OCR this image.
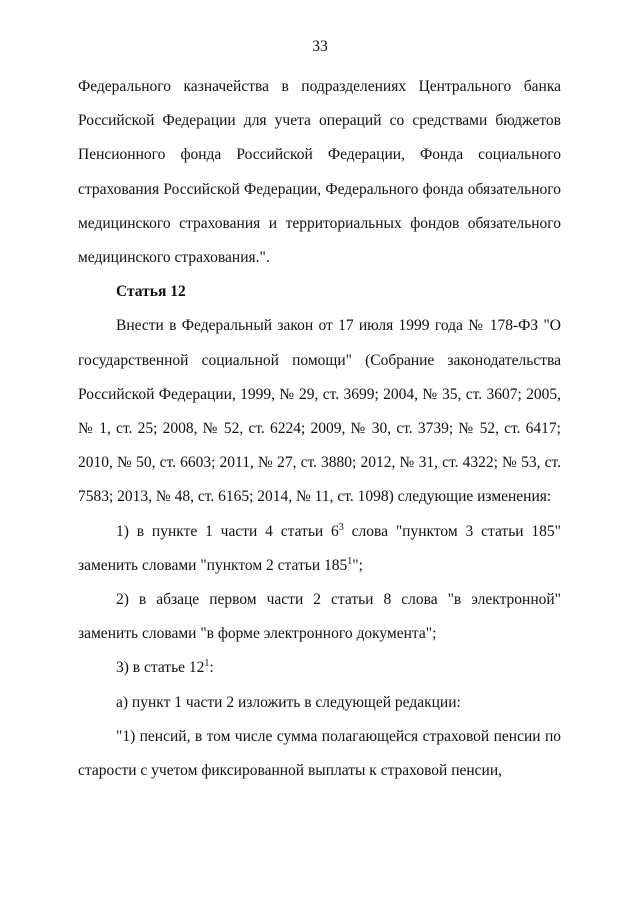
33

Федерального казначейства в подразделениях Центрального банка Российской Федерации для учета операций со средствами бюджетов Пенсионного фонда Российской Федерации, Фонда социального страхования Российской Федерации, Федерального фонда обязательного медицинского страхования и территориальных фондов обязательного медицинского страхования.".

Статья 12

Внести в Федеральный закон от 17 июля 1999 года № 178-ФЗ "О государственной социальной помощи" (Собрание законодательства Российской Федерации, 1999, № 29, ст. 3699; 2004, № 35, ст. 3607; 2005, № 1, ст. 25; 2008, № 52, ст. 6224; 2009, № 30, ст. 3739; № 52, ст. 6417; 2010, № 50, ст. 6603; 2011, № 27, ст. 3880; 2012, № 31, ст. 4322; № 53, ст. 7583; 2013, № 48, ст. 6165; 2014, № 11, ст. 1098) следующие изменения:

1) в пункте 1 части 4 статьи $6^3$ слова "пунктом 3 статьи 185" заменить словами "пунктом 2 статьи $185^1$";

2) в абзаце первом части 2 статьи 8 слова "в электронной" заменить словами "в форме электронного документа";

3) в статье $12^1$:

а) пункт 1 части 2 изложить в следующей редакции:

"1) пенсий, в том числе сумма полагающейся страховой пенсии по старости с учетом фиксированной выплаты к страховой пенсии,
